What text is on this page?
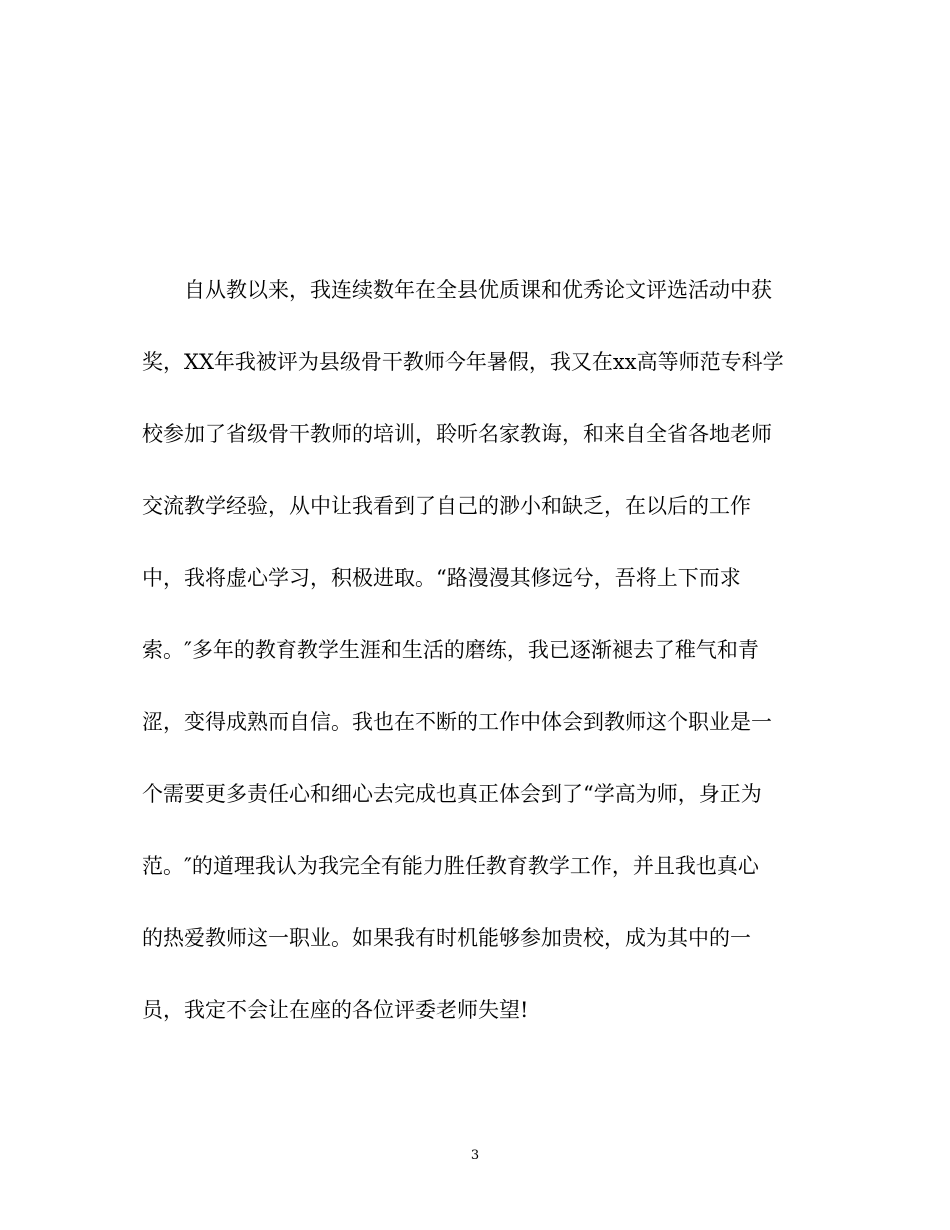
自从教以来，我连续数年在全县优质课和优秀论文评选活动中获
奖，XX年我被评为县级骨干教师今年暑假，我又在xx高等师范专科学
校参加了省级骨干教师的培训，聆听名家教诲，和来自全省各地老师
交流教学经验，从中让我看到了自己的渺小和缺乏，在以后的工作
中，我将虚心学习，积极进取。“路漫漫其修远兮，吾将上下而求
索。″多年的教育教学生涯和生活的磨练，我已逐渐褪去了稚气和青
涩，变得成熟而自信。我也在不断的工作中体会到教师这个职业是一
个需要更多责任心和细心去完成也真正体会到了“学高为师，身正为
范。″的道理我认为我完全有能力胜任教育教学工作，并且我也真心
的热爱教师这一职业。如果我有时机能够参加贵校，成为其中的一
员，我定不会让在座的各位评委老师失望!
3
